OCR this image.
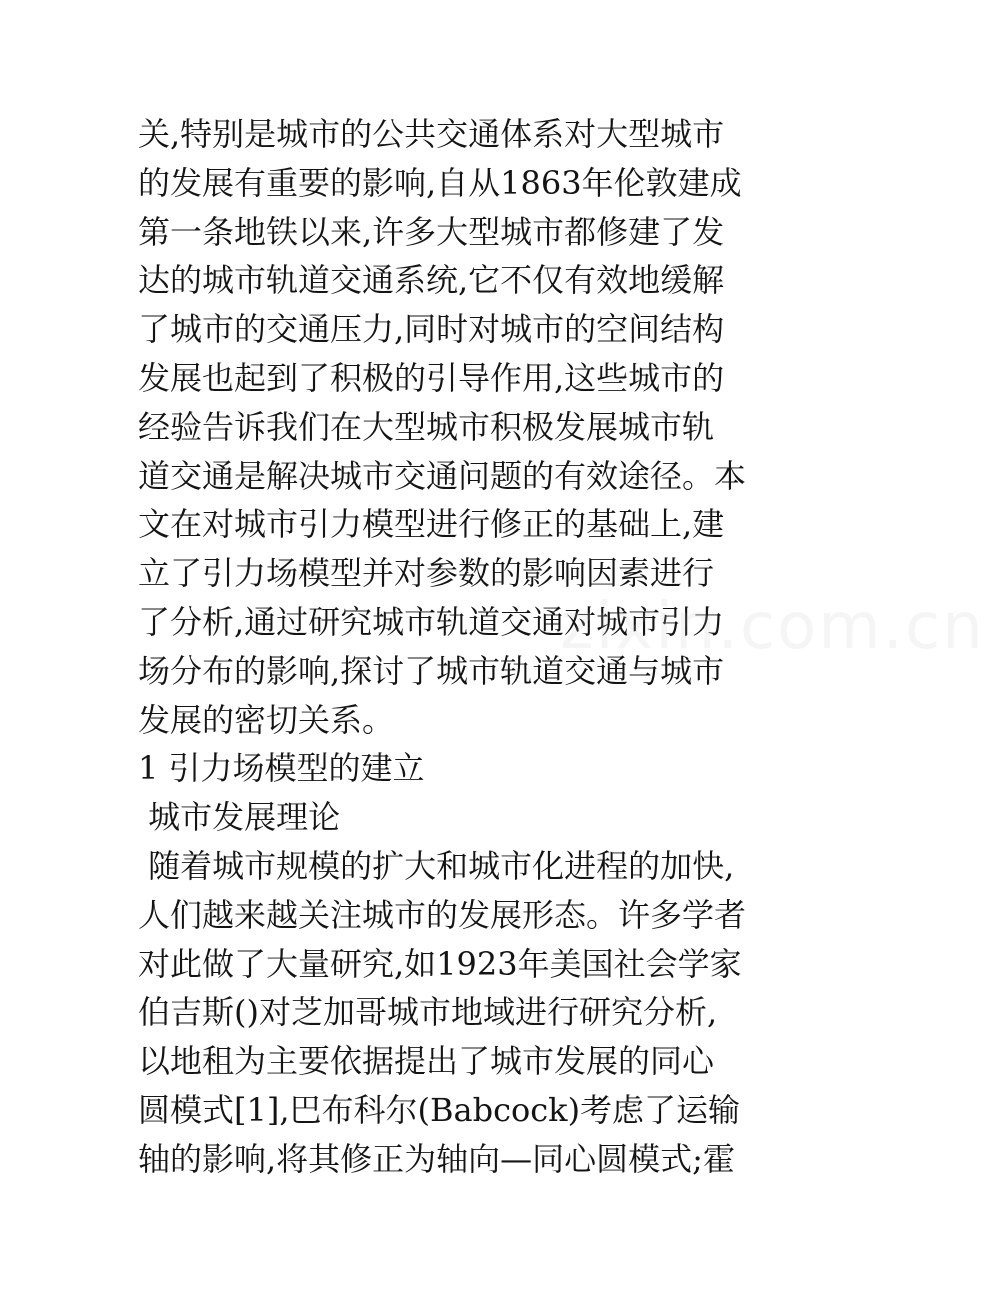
关,特别是城市的公共交通体系对大型城市
的发展有重要的影响,自从1863年伦敦建成
第一条地铁以来,许多大型城市都修建了发
达的城市轨道交通系统,它不仅有效地缓解
了城市的交通压力,同时对城市的空间结构
发展也起到了积极的引导作用,这些城市的
经验告诉我们在大型城市积极发展城市轨
道交通是解决城市交通问题的有效途径。本
文在对城市引力模型进行修正的基础上,建
立了引力场模型并对参数的影响因素进行
了分析,通过研究城市轨道交通对城市引力
场分布的影响,探讨了城市轨道交通与城市
发展的密切关系。
1 引力场模型的建立
城市发展理论
随着城市规模的扩大和城市化进程的加快,
人们越来越关注城市的发展形态。许多学者
对此做了大量研究,如1923年美国社会学家
伯吉斯()对芝加哥城市地域进行研究分析,
以地租为主要依据提出了城市发展的同心
圆模式[1],巴布科尔(Babcock)考虑了运输
轴的影响,将其修正为轴向—同心圆模式;霍
zixin.com.cn
